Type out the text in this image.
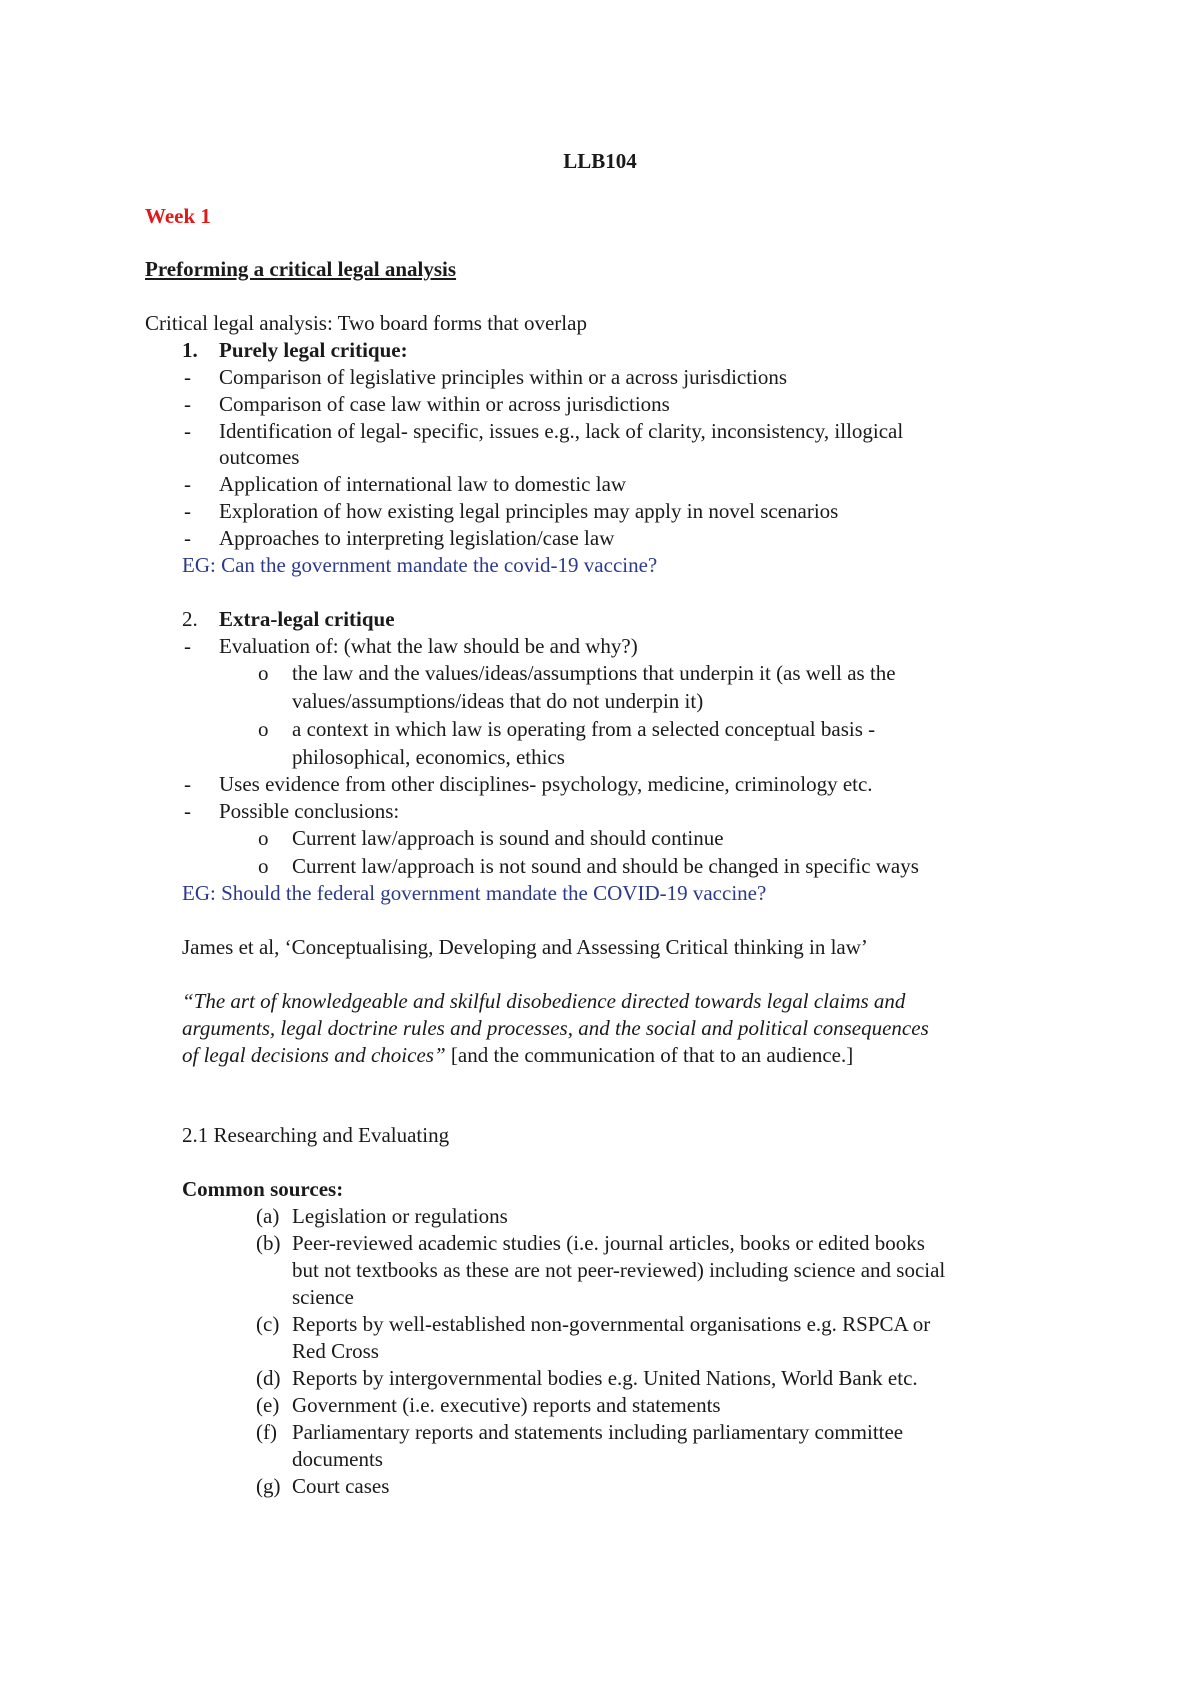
LLB104
Week 1
Preforming a critical legal analysis
Critical legal analysis: Two board forms that overlap
1. Purely legal critique:
- Comparison of legislative principles within or a across jurisdictions
- Comparison of case law within or across jurisdictions
- Identification of legal- specific, issues e.g., lack of clarity, inconsistency, illogical
outcomes
- Application of international law to domestic law
- Exploration of how existing legal principles may apply in novel scenarios
- Approaches to interpreting legislation/case law
EG: Can the government mandate the covid-19 vaccine?
2. Extra-legal critique
- Evaluation of: (what the law should be and why?)
o the law and the values/ideas/assumptions that underpin it (as well as the
values/assumptions/ideas that do not underpin it)
o a context in which law is operating from a selected conceptual basis -
philosophical, economics, ethics
- Uses evidence from other disciplines- psychology, medicine, criminology etc.
- Possible conclusions:
o Current law/approach is sound and should continue
o Current law/approach is not sound and should be changed in specific ways
EG: Should the federal government mandate the COVID-19 vaccine?
James et al, ‘Conceptualising, Developing and Assessing Critical thinking in law’
“The art of knowledgeable and skilful disobedience directed towards legal claims and
arguments, legal doctrine rules and processes, and the social and political consequences
of legal decisions and choices” [and the communication of that to an audience.]
2.1 Researching and Evaluating
Common sources:
(a) Legislation or regulations
(b) Peer-reviewed academic studies (i.e. journal articles, books or edited books
but not textbooks as these are not peer-reviewed) including science and social
science
(c) Reports by well-established non-governmental organisations e.g. RSPCA or
Red Cross
(d) Reports by intergovernmental bodies e.g. United Nations, World Bank etc.
(e) Government (i.e. executive) reports and statements
(f) Parliamentary reports and statements including parliamentary committee
documents
(g) Court cases
